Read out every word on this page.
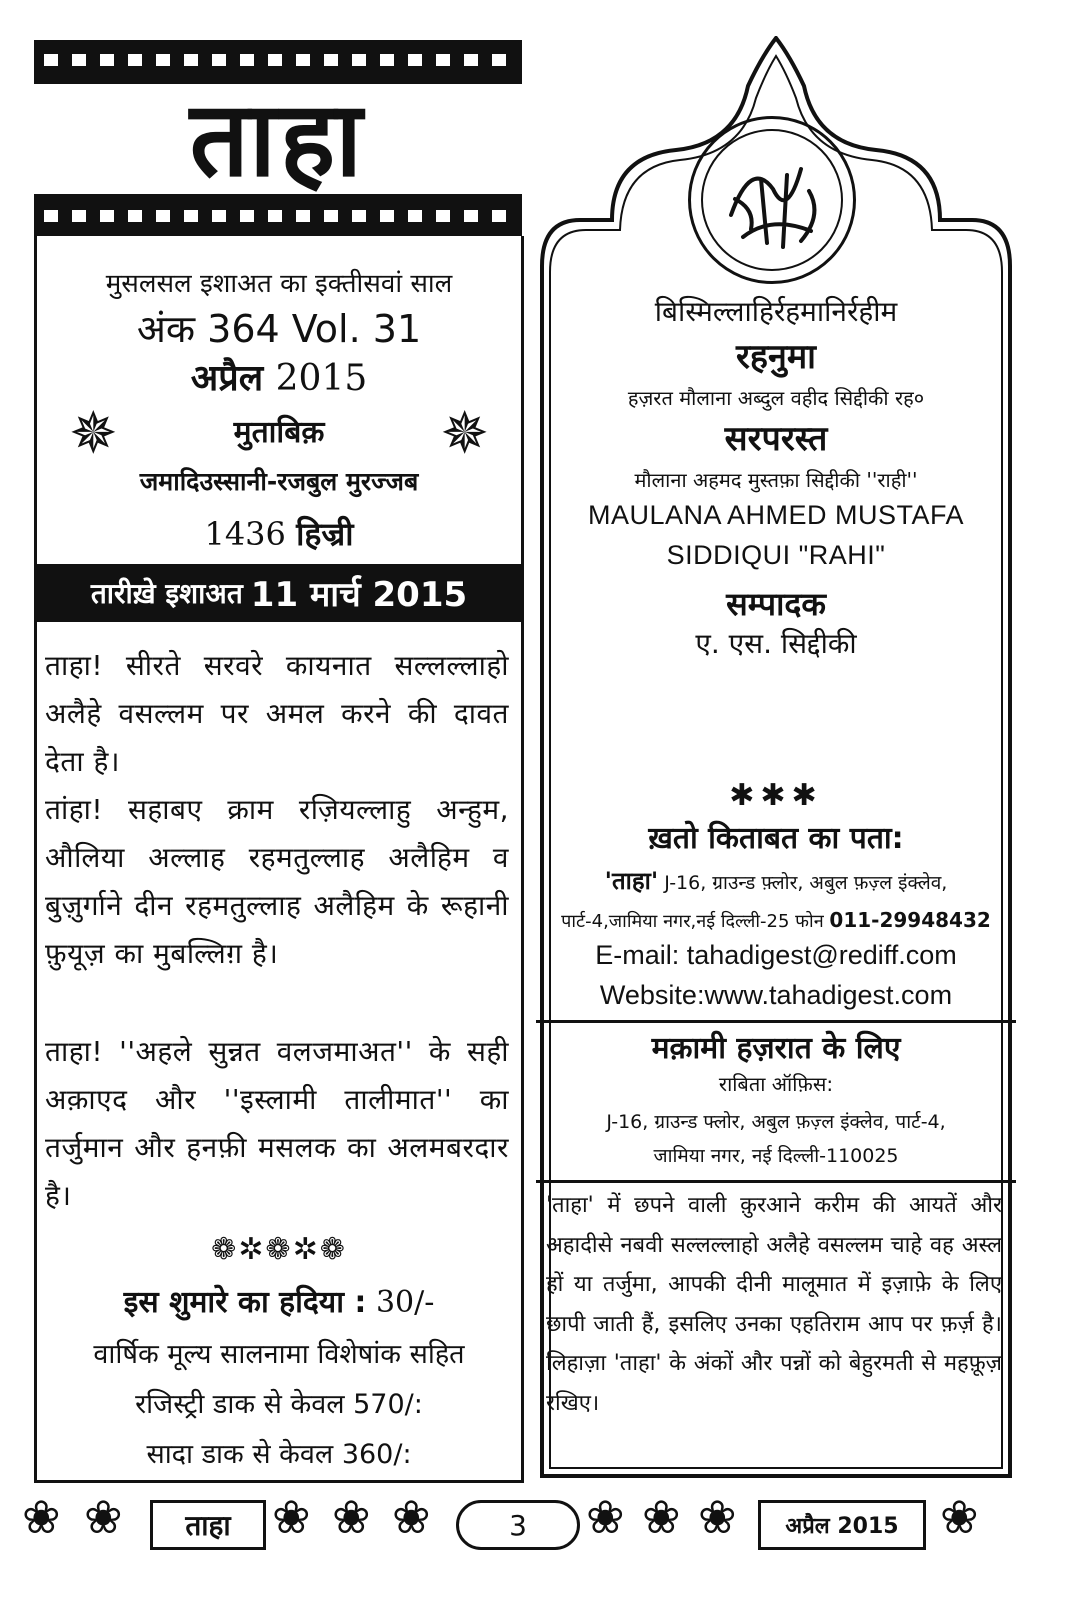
ताहा
मुसलसल इशाअत का इक्तीसवां साल
अंक 364 Vol. 31
अप्रैल 2015
✵	मुताबिक़	✵
जमादिउस्सानी-रजबुल मुरज्जब
1436 हिज्री
तारीख़े इशाअत 11 मार्च 2015
ताहा! सीरते सरवरे कायनात सल्लल्लाहो अलैहे वसल्लम पर अमल करने की दावत देता है।
तांहा! सहाबए क्राम रज़ियल्लाहु अन्हुम, औलिया अल्लाह रहमतुल्लाह अलैहिम व बुज़ुर्गाने दीन रहमतुल्लाह अलैहिम के रूहानी फ़ुयूज़ का मुबल्लिग़ है।
ताहा! ''अहले सुन्नत वलजमाअत'' के सही अक़ाएद और ''इस्लामी तालीमात'' का तर्जुमान और हनफ़ी मसलक का अलमबरदार है।
❁✲❁✲❁
इस शुमारे का हदिया : 30/-
वार्षिक मूल्य सालनामा विशेषांक सहित
रजिस्ट्री डाक से केवल 570/:
सादा डाक से केवल 360/:
बिस्मिल्लाहिर्रहमानिर्रहीम
रहनुमा
हज़रत मौलाना अब्दुल वहीद सिद्दीकी रह०
सरपरस्त
मौलाना अहमद मुस्तफ़ा सिद्दीकी ''राही''
MAULANA AHMED MUSTAFA
SIDDIQUI "RAHI"
सम्पादक
ए. एस. सिद्दीकी
✱✱✱
ख़तो किताबत का पता:
'ताहा' J-16, ग्राउन्ड फ़्लोर, अबुल फ़ज़्ल इंक्लेव,
पार्ट-4,जामिया नगर,नई दिल्ली-25 फोन 011-29948432
E-mail: tahadigest@rediff.com
Website:www.tahadigest.com
मक़ामी हज़रात के लिए
राबिता ऑफ़िस:
J-16, ग्राउन्ड फ्लोर, अबुल फ़ज़्ल इंक्लेव, पार्ट-4,
जामिया नगर, नई दिल्ली-110025
'ताहा' में छपने वाली क़ुरआने करीम की आयतें और अहादीसे नबवी सल्लल्लाहो अलैहे वसल्लम चाहे वह अस्ल हों या तर्जुमा, आपकी दीनी मालूमात में इज़ाफ़े के लिए छापी जाती हैं, इसलिए उनका एहतिराम आप पर फ़र्ज़ है। लिहाज़ा 'ताहा' के अंकों और पन्नों को बेहुरमती से महफ़ूज़ रखिए।
❀ ❀	ताहा ❀ ❀ ❀	3	❀ ❀ ❀	अप्रैल 2015 ❀
